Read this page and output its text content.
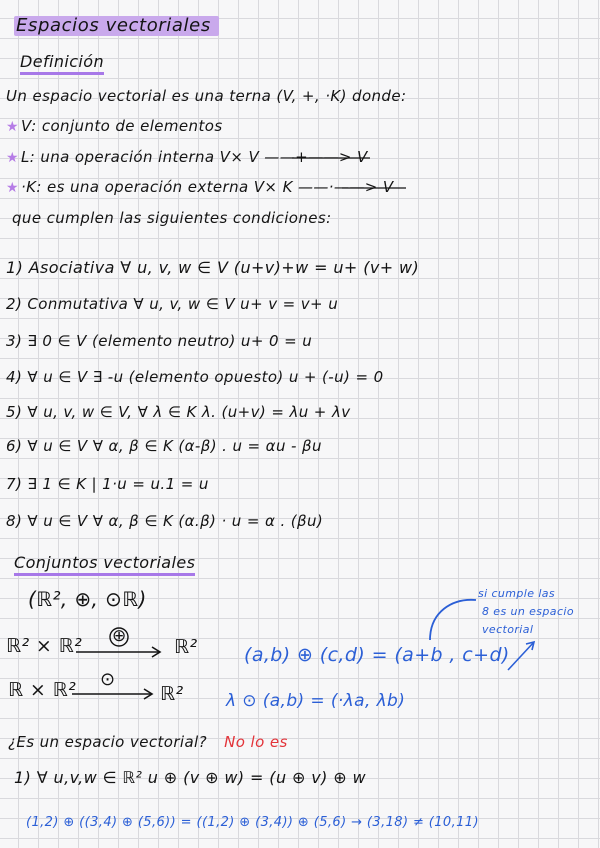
Espacios vectoriales
Definición
Un espacio vectorial es una terna (V, +, ·K) donde:
★ V: conjunto de elementos
★ L: una operación interna V× V ——+——> V
★ ·K: es una operación externa V× K ——·——> V
que cumplen las siguientes condiciones:
1) Asociativa ∀ u, v, w ∈ V (u+v)+w = u+ (v+ w)
2) Conmutativa ∀ u, v, w ∈ V u+ v = v+ u
3) ∃ 0 ∈ V (elemento neutro) u+ 0 = u
4) ∀ u ∈ V ∃ -u (elemento opuesto) u + (-u) = 0
5) ∀ u, v, w ∈ V, ∀ λ ∈ K λ. (u+v) = λu + λv
6) ∀ u ∈ V ∀ α, β ∈ K (α-β) . u = αu - βu
7) ∃ 1 ∈ K | 1·u = u.1 = u
8) ∀ u ∈ V ∀ α, β ∈ K (α.β) · u = α . (βu)
Conjuntos vectoriales
(ℝ², ⊕, ⊙ℝ)
ℝ² × ℝ² ⊕ ℝ²
ℝ × ℝ² ⊙
ℝ²
(a,b) ⊕ (c,d) = (a+b , c+d)
λ ⊙ (a,b) = (·λa, λb)
si cumple las
8 es un espacio
vectorial
¿Es un espacio vectorial? No lo es
1) ∀ u,v,w ∈ ℝ² u ⊕ (v ⊕ w) = (u ⊕ v) ⊕ w
(1,2) ⊕ ((3,4) ⊕ (5,6)) = ((1,2) ⊕ (3,4)) ⊕ (5,6) → (3,18) ≠ (10,11)
